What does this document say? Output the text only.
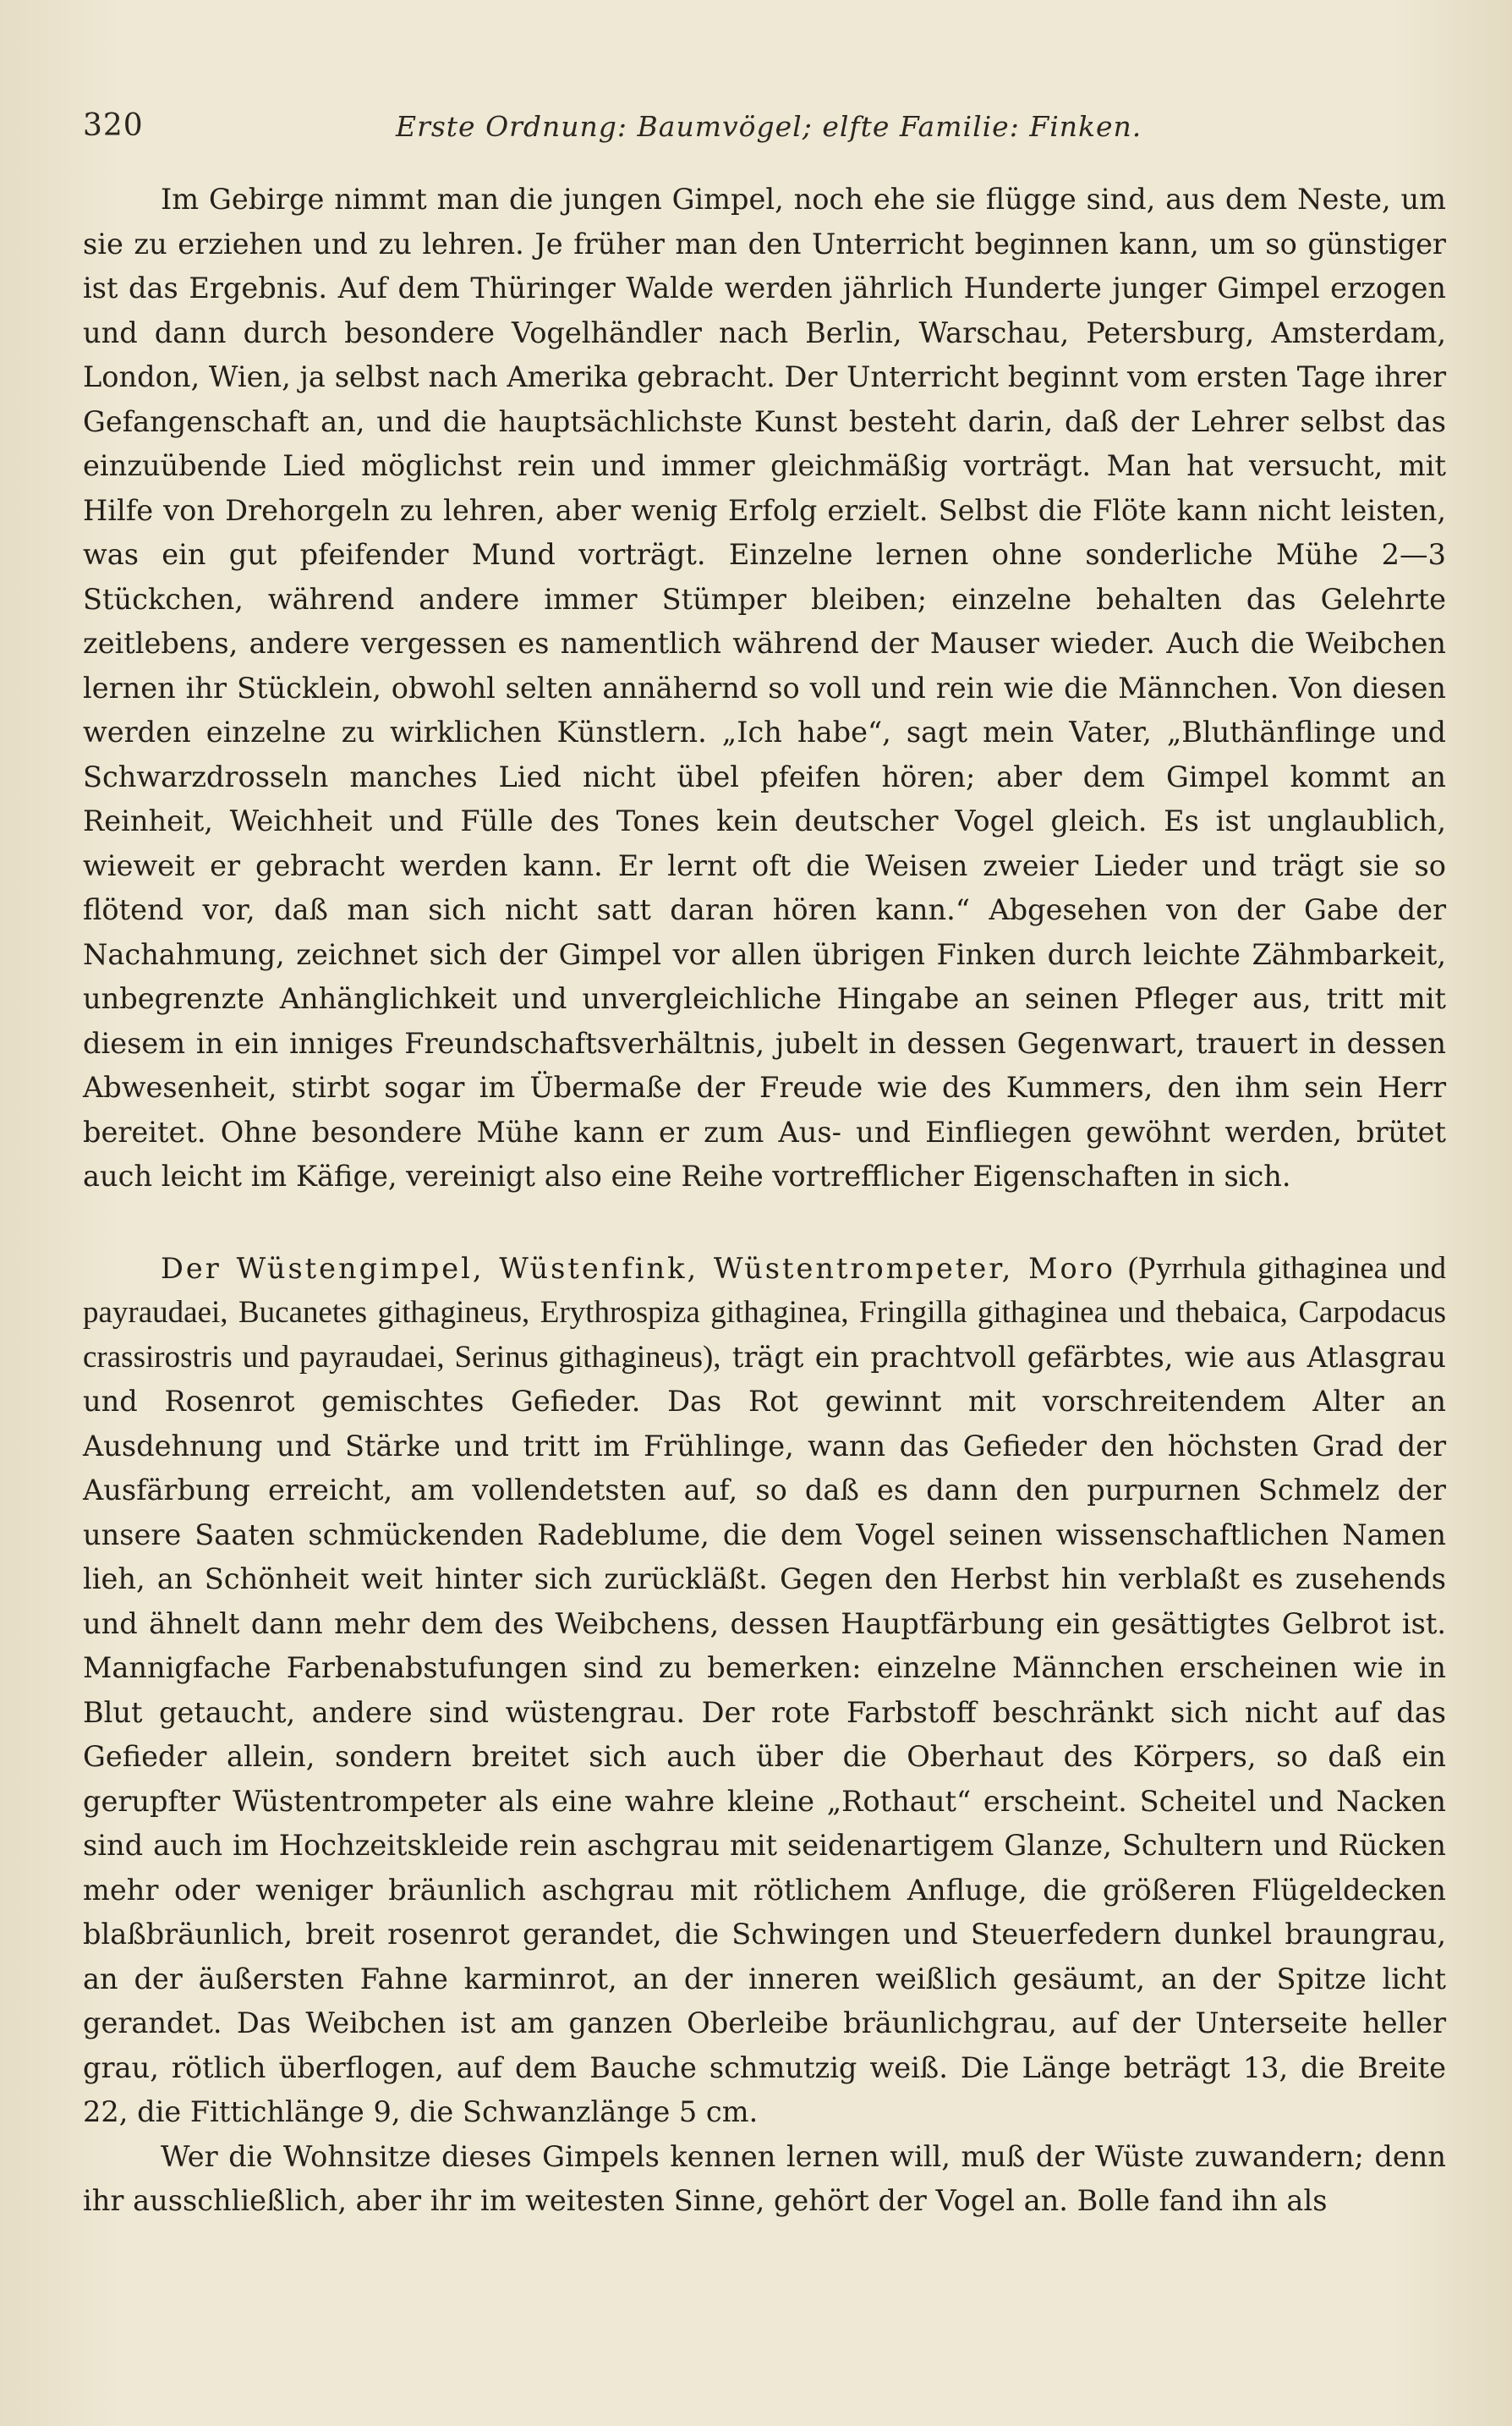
320	Erste Ordnung: Baumvögel; elfte Familie: Finken.

Im Gebirge nimmt man die jungen Gimpel, noch ehe sie flügge sind, aus dem Neste, um sie zu erziehen und zu lehren. Je früher man den Unterricht beginnen kann, um so günstiger ist das Ergebnis. Auf dem Thüringer Walde werden jährlich Hunderte junger Gimpel erzogen und dann durch besondere Vogelhändler nach Berlin, Warschau, Petersburg, Amsterdam, London, Wien, ja selbst nach Amerika gebracht. Der Unterricht beginnt vom ersten Tage ihrer Gefangenschaft an, und die hauptsächlichste Kunst besteht darin, daß der Lehrer selbst das einzuübende Lied möglichst rein und immer gleichmäßig vorträgt. Man hat versucht, mit Hilfe von Drehorgeln zu lehren, aber wenig Erfolg erzielt. Selbst die Flöte kann nicht leisten, was ein gut pfeifender Mund vorträgt. Einzelne lernen ohne sonderliche Mühe 2—3 Stückchen, während andere immer Stümper bleiben; einzelne behalten das Gelehrte zeitlebens, andere vergessen es namentlich während der Mauser wieder. Auch die Weibchen lernen ihr Stücklein, obwohl selten annähernd so voll und rein wie die Männchen. Von diesen werden einzelne zu wirklichen Künstlern. „Ich habe“, sagt mein Vater, „Bluthänflinge und Schwarzdrosseln manches Lied nicht übel pfeifen hören; aber dem Gimpel kommt an Reinheit, Weichheit und Fülle des Tones kein deutscher Vogel gleich. Es ist unglaublich, wieweit er gebracht werden kann. Er lernt oft die Weisen zweier Lieder und trägt sie so flötend vor, daß man sich nicht satt daran hören kann.“ Abgesehen von der Gabe der Nachahmung, zeichnet sich der Gimpel vor allen übrigen Finken durch leichte Zähmbarkeit, unbegrenzte Anhänglichkeit und unvergleichliche Hingabe an seinen Pfleger aus, tritt mit diesem in ein inniges Freundschaftsverhältnis, jubelt in dessen Gegenwart, trauert in dessen Abwesenheit, stirbt sogar im Übermaße der Freude wie des Kummers, den ihm sein Herr bereitet. Ohne besondere Mühe kann er zum Aus- und Einfliegen gewöhnt werden, brütet auch leicht im Käfige, vereinigt also eine Reihe vortrefflicher Eigenschaften in sich.

Der Wüstengimpel, Wüstenfink, Wüstentrompeter, Moro (Pyrrhula githaginea und payraudaei, Bucanetes githagineus, Erythrospiza githaginea, Fringilla githaginea und thebaica, Carpodacus crassirostris und payraudaei, Serinus githagineus), trägt ein prachtvoll gefärbtes, wie aus Atlasgrau und Rosenrot gemischtes Gefieder. Das Rot gewinnt mit vorschreitendem Alter an Ausdehnung und Stärke und tritt im Frühlinge, wann das Gefieder den höchsten Grad der Ausfärbung erreicht, am vollendetsten auf, so daß es dann den purpurnen Schmelz der unsere Saaten schmückenden Radeblume, die dem Vogel seinen wissenschaftlichen Namen lieh, an Schönheit weit hinter sich zurückläßt. Gegen den Herbst hin verblaßt es zusehends und ähnelt dann mehr dem des Weibchens, dessen Hauptfärbung ein gesättigtes Gelbrot ist. Mannigfache Farbenabstufungen sind zu bemerken: einzelne Männchen erscheinen wie in Blut getaucht, andere sind wüstengrau. Der rote Farbstoff beschränkt sich nicht auf das Gefieder allein, sondern breitet sich auch über die Oberhaut des Körpers, so daß ein gerupfter Wüstentrompeter als eine wahre kleine „Rothaut“ erscheint. Scheitel und Nacken sind auch im Hochzeitskleide rein aschgrau mit seidenartigem Glanze, Schultern und Rücken mehr oder weniger bräunlich aschgrau mit rötlichem Anfluge, die größeren Flügeldecken blaßbräunlich, breit rosenrot gerandet, die Schwingen und Steuerfedern dunkel braungrau, an der äußersten Fahne karminrot, an der inneren weißlich gesäumt, an der Spitze licht gerandet. Das Weibchen ist am ganzen Oberleibe bräunlichgrau, auf der Unterseite heller grau, rötlich überflogen, auf dem Bauche schmutzig weiß. Die Länge beträgt 13, die Breite 22, die Fittichlänge 9, die Schwanzlänge 5 cm.

Wer die Wohnsitze dieses Gimpels kennen lernen will, muß der Wüste zuwandern; denn ihr ausschließlich, aber ihr im weitesten Sinne, gehört der Vogel an. Bolle fand ihn als
